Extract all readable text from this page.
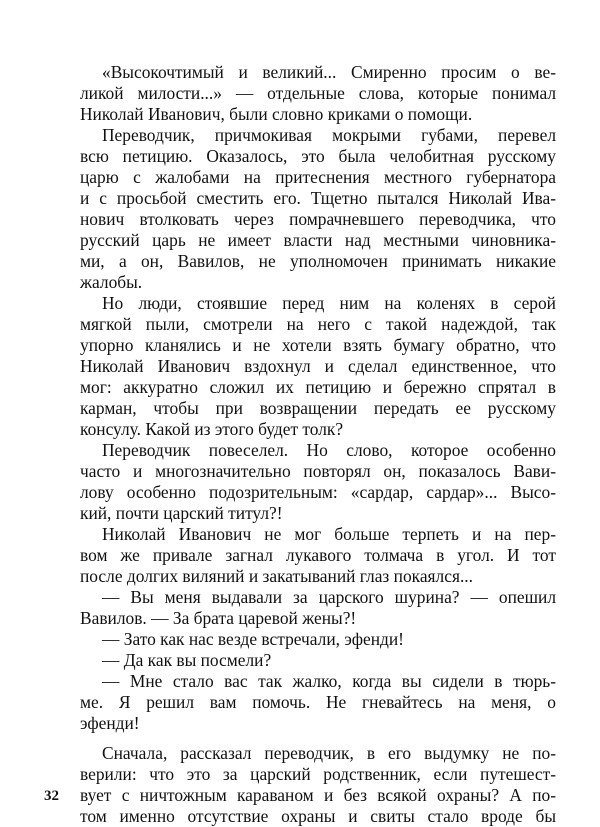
«Высокочтимый и великий... Смиренно просим о ве-
ликой милости...» — отдельные слова, которые понимал
Николай Иванович, были словно криками о помощи.
Переводчик, причмокивая мокрыми губами, перевел
всю петицию. Оказалось, это была челобитная русскому
царю с жалобами на притеснения местного губернатора
и с просьбой сместить его. Тщетно пытался Николай Ива-
нович втолковать через помрачневшего переводчика, что
русский царь не имеет власти над местными чиновника-
ми, а он, Вавилов, не уполномочен принимать никакие
жалобы.
Но люди, стоявшие перед ним на коленях в серой
мягкой пыли, смотрели на него с такой надеждой, так
упорно кланялись и не хотели взять бумагу обратно, что
Николай Иванович вздохнул и сделал единственное, что
мог: аккуратно сложил их петицию и бережно спрятал в
карман, чтобы при возвращении передать ее русскому
консулу. Какой из этого будет толк?
Переводчик повеселел. Но слово, которое особенно
часто и многозначительно повторял он, показалось Вави-
лову особенно подозрительным: «сардар, сардар»... Высо-
кий, почти царский титул?!
Николай Иванович не мог больше терпеть и на пер-
вом же привале загнал лукавого толмача в угол. И тот
после долгих виляний и закатываний глаз покаялся...
— Вы меня выдавали за царского шурина? — опешил
Вавилов. — За брата царевой жены?!
— Зато как нас везде встречали, эфенди!
— Да как вы посмели?
— Мне стало вас так жалко, когда вы сидели в тюрь-
ме. Я решил вам помочь. Не гневайтесь на меня, о
эфенди!
Сначала, рассказал переводчик, в его выдумку не по-
верили: что это за царский родственник, если путешест-
вует с ничтожным караваном и без всякой охраны? А по-
том именно отсутствие охраны и свиты стало вроде бы
32
